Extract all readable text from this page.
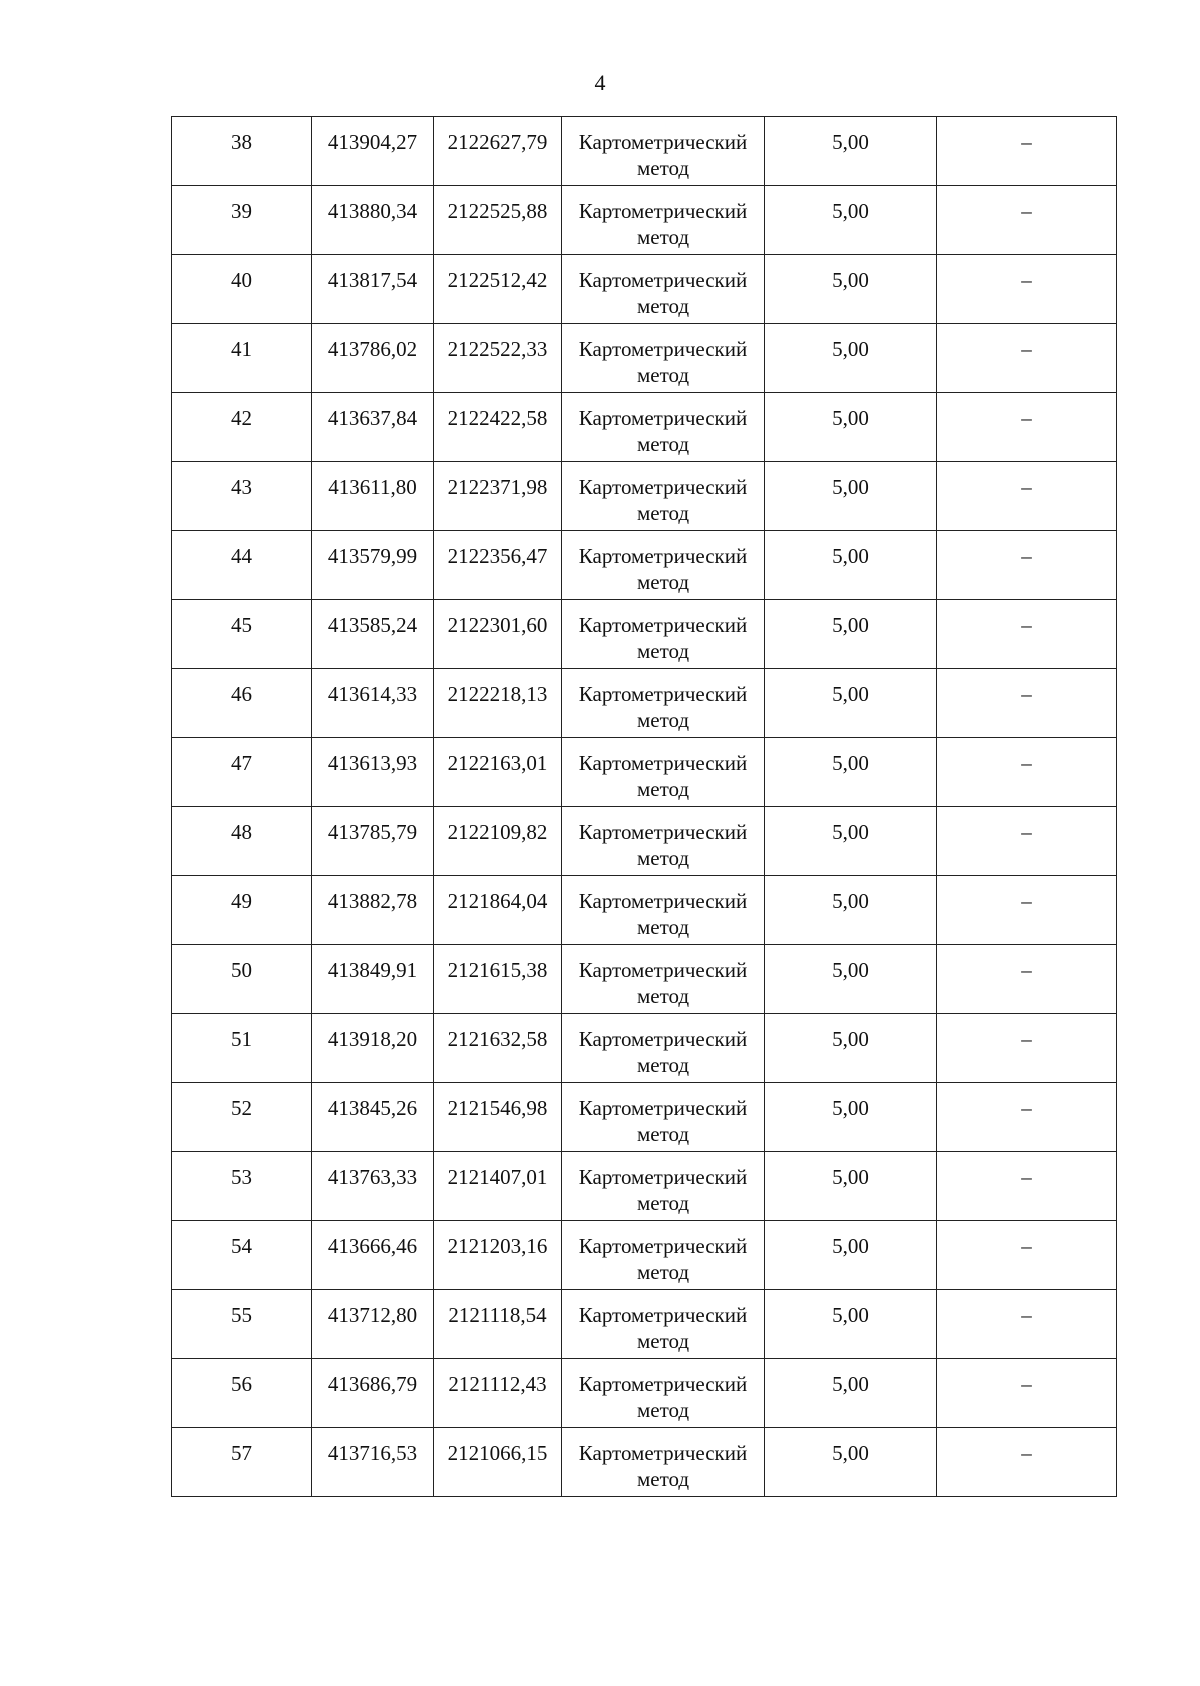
4
38	413904,27	2122627,79	Картометрический метод	5,00	–
39	413880,34	2122525,88	Картометрический метод	5,00	–
40	413817,54	2122512,42	Картометрический метод	5,00	–
41	413786,02	2122522,33	Картометрический метод	5,00	–
42	413637,84	2122422,58	Картометрический метод	5,00	–
43	413611,80	2122371,98	Картометрический метод	5,00	–
44	413579,99	2122356,47	Картометрический метод	5,00	–
45	413585,24	2122301,60	Картометрический метод	5,00	–
46	413614,33	2122218,13	Картометрический метод	5,00	–
47	413613,93	2122163,01	Картометрический метод	5,00	–
48	413785,79	2122109,82	Картометрический метод	5,00	–
49	413882,78	2121864,04	Картометрический метод	5,00	–
50	413849,91	2121615,38	Картометрический метод	5,00	–
51	413918,20	2121632,58	Картометрический метод	5,00	–
52	413845,26	2121546,98	Картометрический метод	5,00	–
53	413763,33	2121407,01	Картометрический метод	5,00	–
54	413666,46	2121203,16	Картометрический метод	5,00	–
55	413712,80	2121118,54	Картометрический метод	5,00	–
56	413686,79	2121112,43	Картометрический метод	5,00	–
57	413716,53	2121066,15	Картометрический метод	5,00	–
